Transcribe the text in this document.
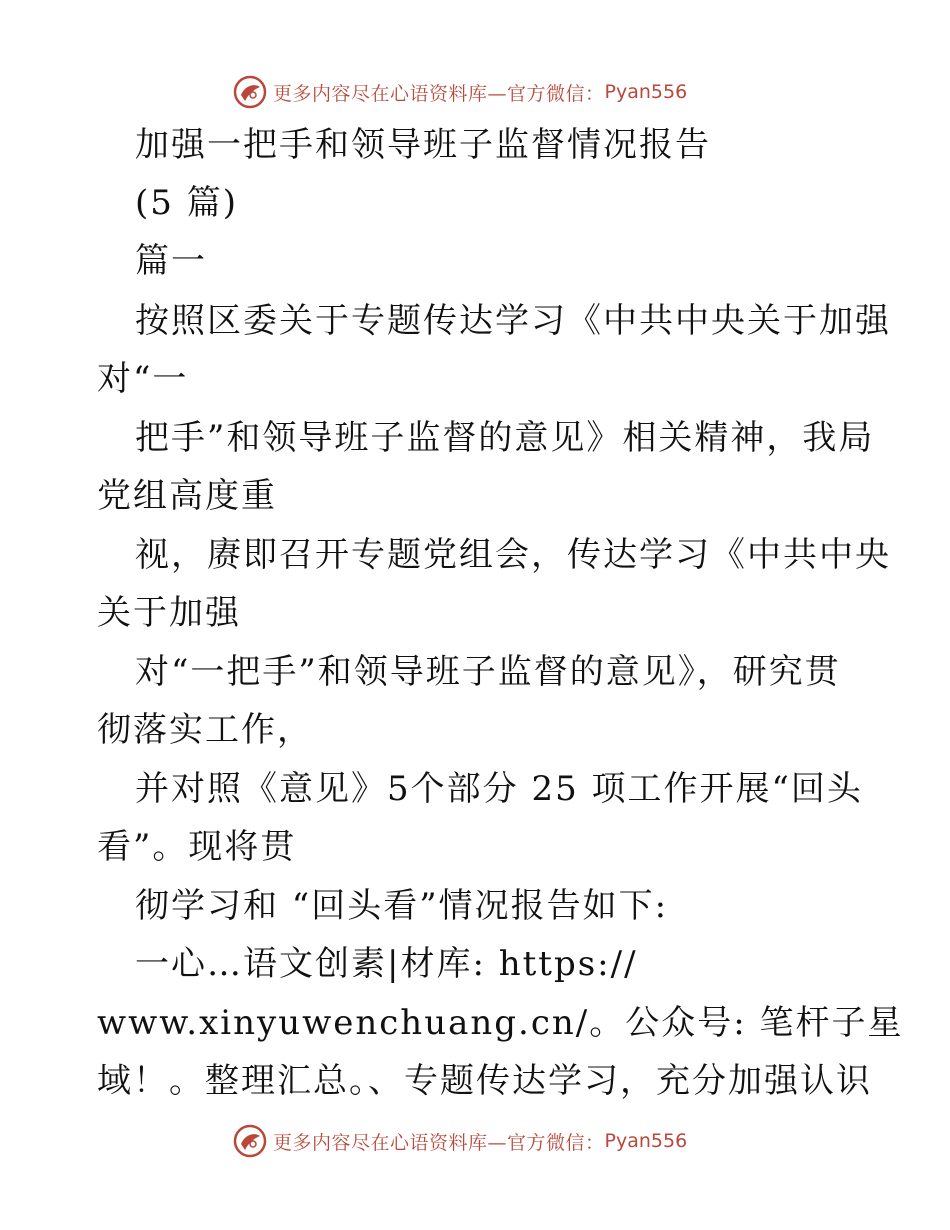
更多内容尽在心语资料库—官方微信： Pyan556
加强一把手和领导班子监督情况报告
(5 篇)
篇一
按照区委关于专题传达学习《中共中央关于加强
对“一
把手”和领导班子监督的意见》相关精神，我局
党组高度重
视，赓即召开专题党组会，传达学习《中共中央
关于加强
对“一把手”和领导班子监督的意见》，研究贯
彻落实工作，
并对照《意见》5个部分 25 项工作开展“回头
看”。现将贯
彻学习和 “回头看”情况报告如下:
一心…语文创素|材库: https://
www.xinyuwenchuang.cn/。公众号: 笔杆子星
域！。整理汇总。、专题传达学习，充分加强认识
更多内容尽在心语资料库—官方微信： Pyan556
